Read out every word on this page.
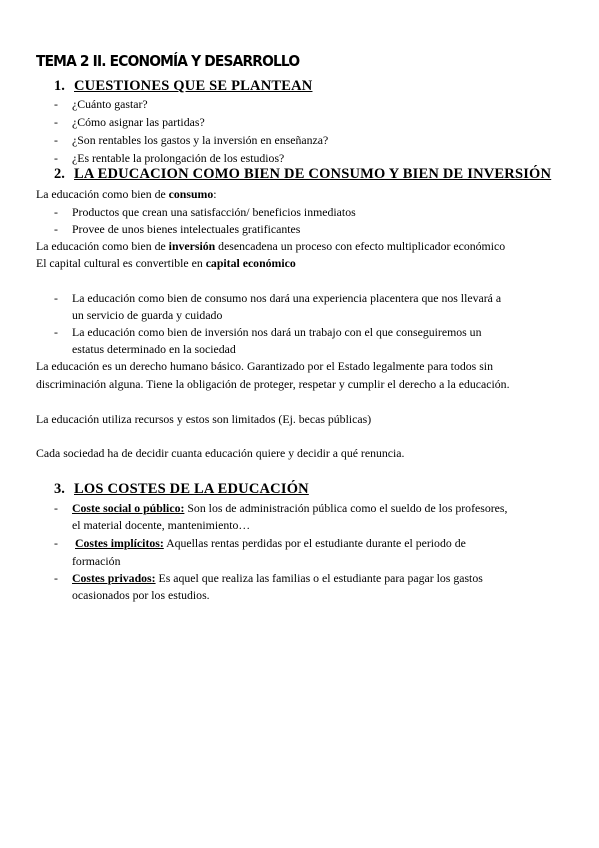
TEMA 2 II. ECONOMÍA Y DESARROLLO
1. CUESTIONES QUE SE PLANTEAN
- ¿Cuánto gastar?
- ¿Cómo asignar las partidas?
- ¿Son rentables los gastos y la inversión en enseñanza?
- ¿Es rentable la prolongación de los estudios?
2. LA EDUCACION COMO BIEN DE CONSUMO Y BIEN DE INVERSIÓN
La educación como bien de consumo:
- Productos que crean una satisfacción/ beneficios inmediatos
- Provee de unos bienes intelectuales gratificantes
La educación como bien de inversión desencadena un proceso con efecto multiplicador económico
El capital cultural es convertible en capital económico
- La educación como bien de consumo nos dará una experiencia placentera que nos llevará a
un servicio de guarda y cuidado
- La educación como bien de inversión nos dará un trabajo con el que conseguiremos un
estatus determinado en la sociedad
La educación es un derecho humano básico. Garantizado por el Estado legalmente para todos sin
discriminación alguna. Tiene la obligación de proteger, respetar y cumplir el derecho a la educación.
La educación utiliza recursos y estos son limitados (Ej. becas públicas)
Cada sociedad ha de decidir cuanta educación quiere y decidir a qué renuncia.
3. LOS COSTES DE LA EDUCACIÓN
- Coste social o público: Son los de administración pública como el sueldo de los profesores,
el material docente, mantenimiento…
- Costes implícitos: Aquellas rentas perdidas por el estudiante durante el periodo de
formación
- Costes privados: Es aquel que realiza las familias o el estudiante para pagar los gastos
ocasionados por los estudios.
